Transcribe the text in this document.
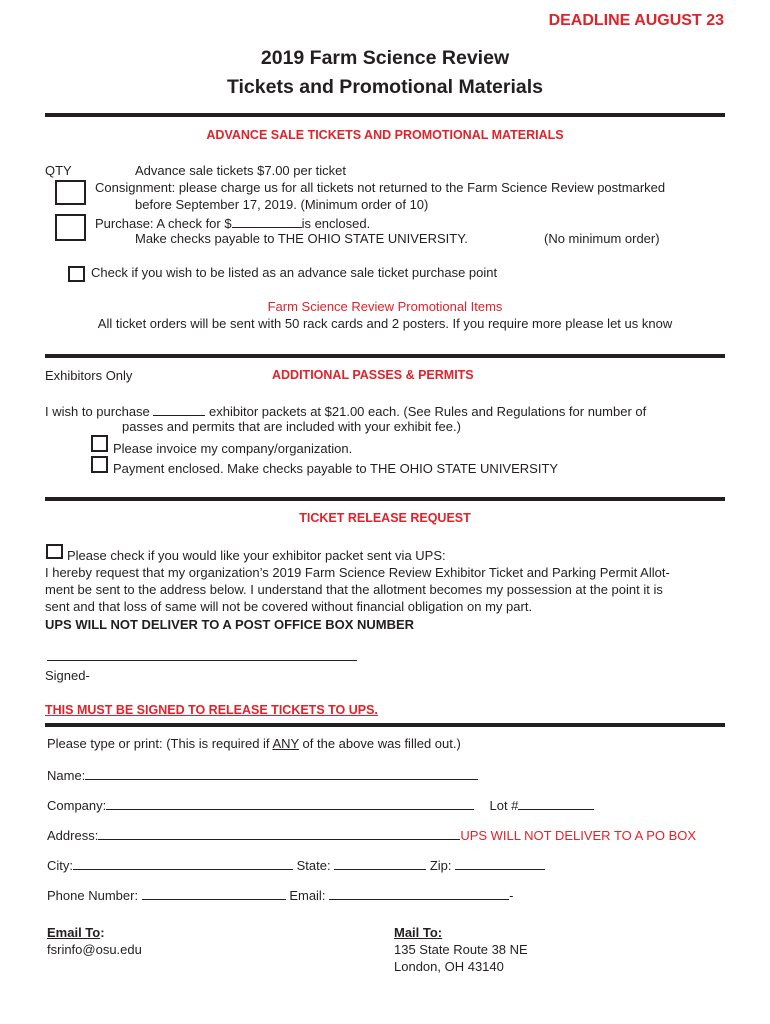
DEADLINE AUGUST 23
2019 Farm Science Review
Tickets and Promotional Materials
ADVANCE SALE TICKETS AND PROMOTIONAL MATERIALS
QTY	Advance sale tickets $7.00 per ticket
Consignment: please charge us for all tickets not returned to the Farm Science Review postmarked
before September 17, 2019. (Minimum order of 10)
Purchase: A check for $	is enclosed.
Make checks payable to THE OHIO STATE UNIVERSITY.	(No minimum order)
Check if you wish to be listed as an advance sale ticket purchase point
Farm Science Review Promotional Items
All ticket orders will be sent with 50 rack cards and 2 posters. If you require more please let us know
Exhibitors Only	ADDITIONAL PASSES & PERMITS
I wish to purchase	exhibitor packets at $21.00 each. (See Rules and Regulations for number of
passes and permits that are included with your exhibit fee.)
Please invoice my company/organization.
Payment enclosed. Make checks payable to THE OHIO STATE UNIVERSITY
TICKET RELEASE REQUEST
Please check if you would like your exhibitor packet sent via UPS:
I hereby request that my organization’s 2019 Farm Science Review Exhibitor Ticket and Parking Permit Allot-
ment be sent to the address below. I understand that the allotment becomes my possession at the point it is
sent and that loss of same will not be covered without financial obligation on my part.
UPS WILL NOT DELIVER TO A POST OFFICE BOX NUMBER
Signed-
THIS MUST BE SIGNED TO RELEASE TICKETS TO UPS.
Please type or print: (This is required if ANY of the above was filled out.)
Name:
Company:	Lot #
Address:	UPS WILL NOT DELIVER TO A PO BOX
City:	State:	Zip:
Phone Number:	Email:	-
Email To:
fsrinfo@osu.edu
Mail To:
135 State Route 38 NE
London, OH 43140
